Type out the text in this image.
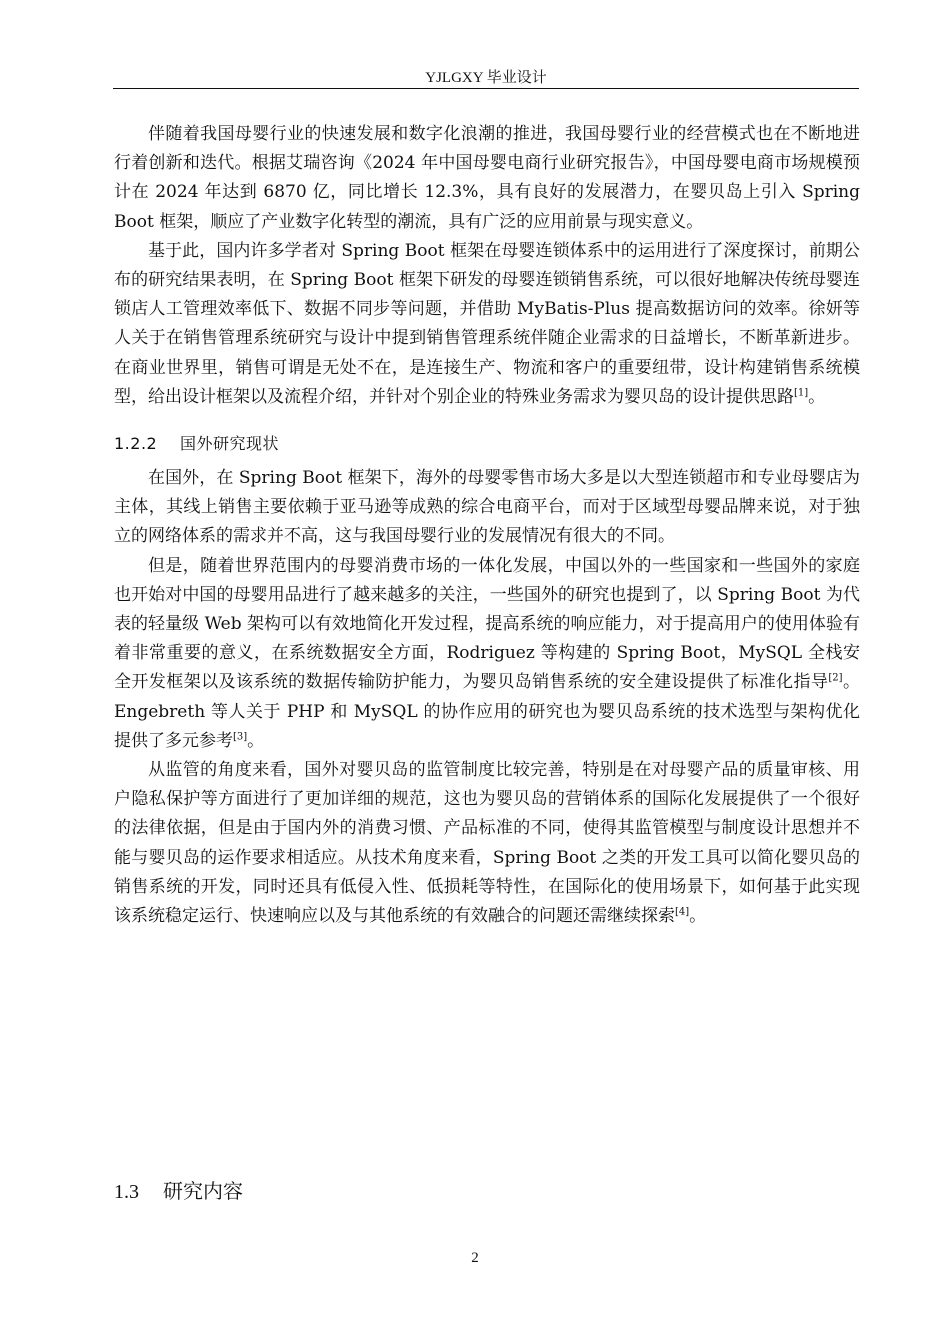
YJLGXY 毕业设计

伴随着我国母婴行业的快速发展和数字化浪潮的推进，我国母婴行业的经营模式也在不断地进行着创新和迭代。根据艾瑞咨询《2024 年中国母婴电商行业研究报告》，中国母婴电商市场规模预计在 2024 年达到 6870 亿，同比增长 12.3%，具有良好的发展潜力，在婴贝岛上引入 Spring Boot 框架，顺应了产业数字化转型的潮流，具有广泛的应用前景与现实意义。

基于此，国内许多学者对 Spring Boot 框架在母婴连锁体系中的运用进行了深度探讨，前期公布的研究结果表明，在 Spring Boot 框架下研发的母婴连锁销售系统，可以很好地解决传统母婴连锁店人工管理效率低下、数据不同步等问题，并借助 MyBatis-Plus 提高数据访问的效率。徐妍等人关于在销售管理系统研究与设计中提到销售管理系统伴随企业需求的日益增长，不断革新进步。在商业世界里，销售可谓是无处不在，是连接生产、物流和客户的重要纽带，设计构建销售系统模型，给出设计框架以及流程介绍，并针对个别企业的特殊业务需求为婴贝岛的设计提供思路[1]。

1.2.2 国外研究现状

在国外，在 Spring Boot 框架下，海外的母婴零售市场大多是以大型连锁超市和专业母婴店为主体，其线上销售主要依赖于亚马逊等成熟的综合电商平台，而对于区域型母婴品牌来说，对于独立的网络体系的需求并不高，这与我国母婴行业的发展情况有很大的不同。

但是，随着世界范围内的母婴消费市场的一体化发展，中国以外的一些国家和一些国外的家庭也开始对中国的母婴用品进行了越来越多的关注，一些国外的研究也提到了，以 Spring Boot 为代表的轻量级 Web 架构可以有效地简化开发过程，提高系统的响应能力，对于提高用户的使用体验有着非常重要的意义，在系统数据安全方面，Rodriguez 等构建的 Spring Boot，MySQL 全栈安全开发框架以及该系统的数据传输防护能力，为婴贝岛销售系统的安全建设提供了标准化指导[2]。Engebreth 等人关于 PHP 和 MySQL 的协作应用的研究也为婴贝岛系统的技术选型与架构优化提供了多元参考[3]。

从监管的角度来看，国外对婴贝岛的监管制度比较完善，特别是在对母婴产品的质量审核、用户隐私保护等方面进行了更加详细的规范，这也为婴贝岛的营销体系的国际化发展提供了一个很好的法律依据，但是由于国内外的消费习惯、产品标准的不同，使得其监管模型与制度设计思想并不能与婴贝岛的运作要求相适应。从技术角度来看，Spring Boot 之类的开发工具可以简化婴贝岛的销售系统的开发，同时还具有低侵入性、低损耗等特性，在国际化的使用场景下，如何基于此实现该系统稳定运行、快速响应以及与其他系统的有效融合的问题还需继续探索[4]。

1.3 研究内容
2
